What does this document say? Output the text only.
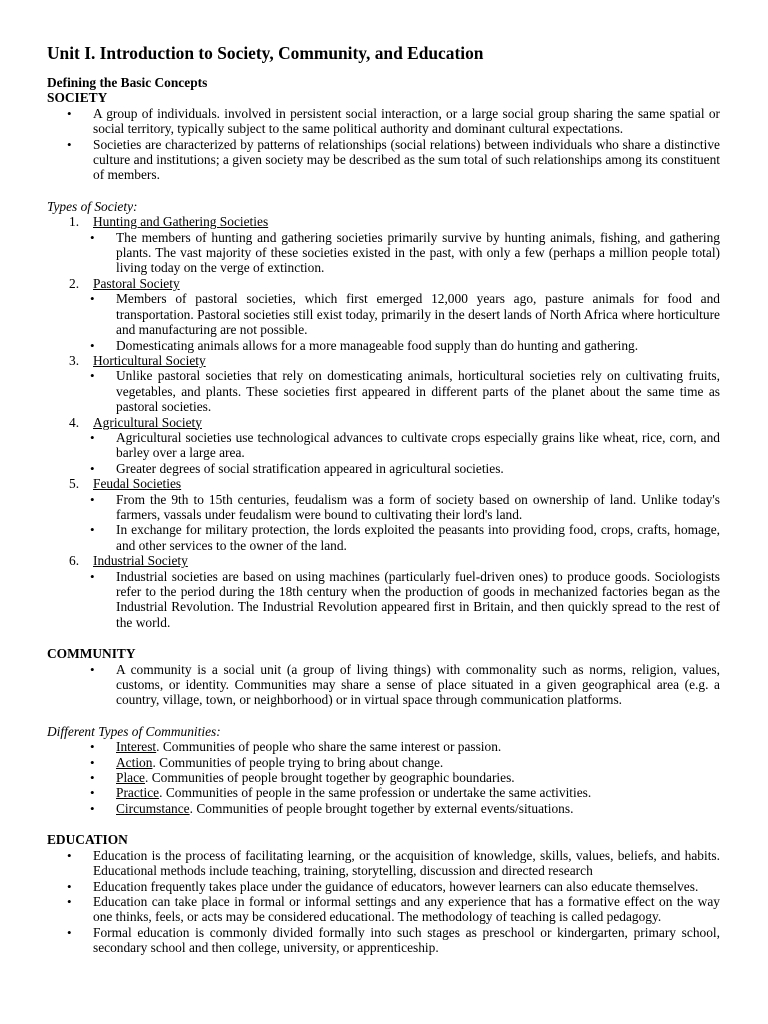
Unit I. Introduction to Society, Community, and Education
Defining the Basic Concepts
SOCIETY
• A group of individuals. involved in persistent social interaction, or a large social group sharing the same spatial or social territory, typically subject to the same political authority and dominant cultural expectations.
• Societies are characterized by patterns of relationships (social relations) between individuals who share a distinctive culture and institutions; a given society may be described as the sum total of such relationships among its constituent of members.
Types of Society:
1. Hunting and Gathering Societies
• The members of hunting and gathering societies primarily survive by hunting animals, fishing, and gathering plants. The vast majority of these societies existed in the past, with only a few (perhaps a million people total) living today on the verge of extinction.
2. Pastoral Society
• Members of pastoral societies, which first emerged 12,000 years ago, pasture animals for food and transportation. Pastoral societies still exist today, primarily in the desert lands of North Africa where horticulture and manufacturing are not possible.
• Domesticating animals allows for a more manageable food supply than do hunting and gathering.
3. Horticultural Society
• Unlike pastoral societies that rely on domesticating animals, horticultural societies rely on cultivating fruits, vegetables, and plants. These societies first appeared in different parts of the planet about the same time as pastoral societies.
4. Agricultural Society
• Agricultural societies use technological advances to cultivate crops especially grains like wheat, rice, corn, and barley over a large area.
• Greater degrees of social stratification appeared in agricultural societies.
5. Feudal Societies
• From the 9th to 15th centuries, feudalism was a form of society based on ownership of land. Unlike today's farmers, vassals under feudalism were bound to cultivating their lord's land.
• In exchange for military protection, the lords exploited the peasants into providing food, crops, crafts, homage, and other services to the owner of the land.
6. Industrial Society
• Industrial societies are based on using machines (particularly fuel-driven ones) to produce goods. Sociologists refer to the period during the 18th century when the production of goods in mechanized factories began as the Industrial Revolution. The Industrial Revolution appeared first in Britain, and then quickly spread to the rest of the world.
COMMUNITY
• A community is a social unit (a group of living things) with commonality such as norms, religion, values, customs, or identity. Communities may share a sense of place situated in a given geographical area (e.g. a country, village, town, or neighborhood) or in virtual space through communication platforms.
Different Types of Communities:
• Interest. Communities of people who share the same interest or passion.
• Action. Communities of people trying to bring about change.
• Place. Communities of people brought together by geographic boundaries.
• Practice. Communities of people in the same profession or undertake the same activities.
• Circumstance. Communities of people brought together by external events/situations.
EDUCATION
• Education is the process of facilitating learning, or the acquisition of knowledge, skills, values, beliefs, and habits. Educational methods include teaching, training, storytelling, discussion and directed research
• Education frequently takes place under the guidance of educators, however learners can also educate themselves.
• Education can take place in formal or informal settings and any experience that has a formative effect on the way one thinks, feels, or acts may be considered educational. The methodology of teaching is called pedagogy.
• Formal education is commonly divided formally into such stages as preschool or kindergarten, primary school, secondary school and then college, university, or apprenticeship.
